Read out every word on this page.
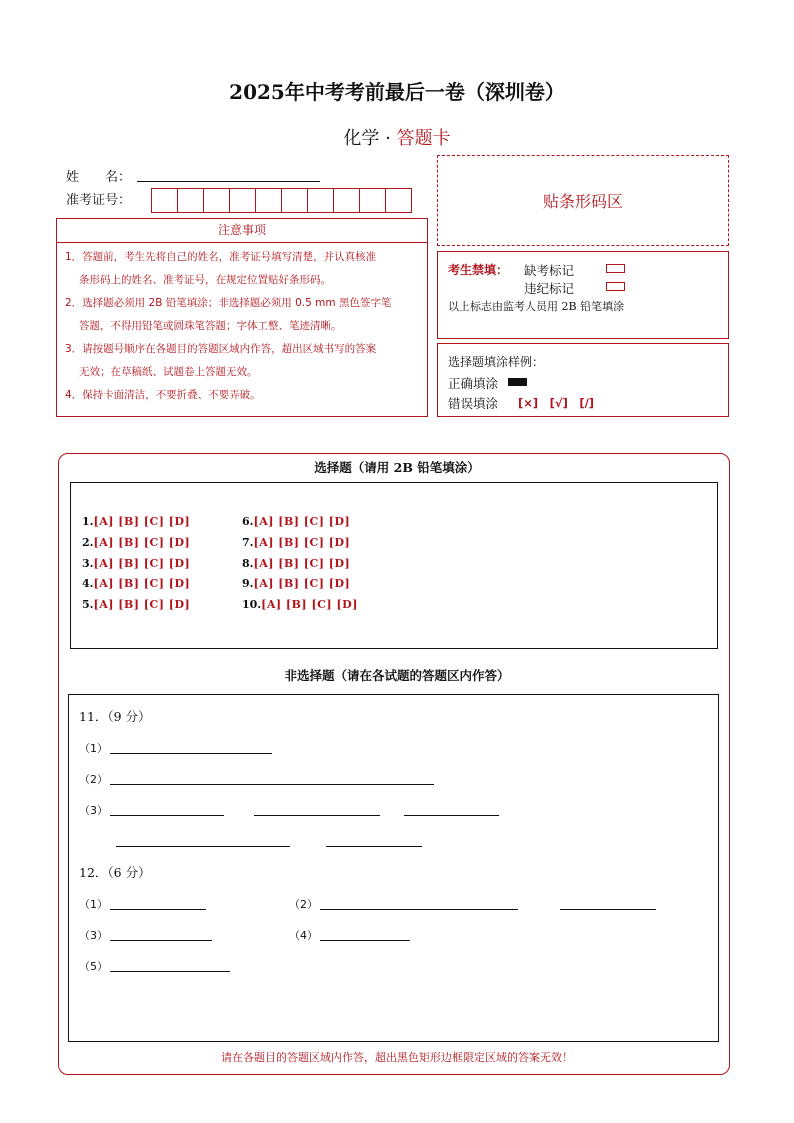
2025年中考考前最后一卷（深圳卷）
化学 · 答题卡
姓　　名：
准考证号：	贴条形码区
注意事项
1．答题前，考生先将自己的姓名，准考证号填写清楚，并认真核准
条形码上的姓名、准考证号，在规定位置贴好条形码。
2．选择题必须用 2B 铅笔填涂；非选择题必须用 0.5 mm 黑色签字笔
答题，不得用铅笔或圆珠笔答题；字体工整、笔迹清晰。
3．请按题号顺序在各题目的答题区域内作答，超出区域书写的答案
无效；在草稿纸、试题卷上答题无效。
4．保持卡面清洁，不要折叠、不要弄破。
考生禁填： 缺考标记
违纪标记
以上标志由监考人员用 2B 铅笔填涂
选择题填涂样例：
正确填涂
错误填涂 [×]　[√]　[/]
选择题（请用 2B 铅笔填涂）
1.[A] [B] [C] [D]
2.[A] [B] [C] [D]
3.[A] [B] [C] [D]
4.[A] [B] [C] [D]
5.[A] [B] [C] [D]
6.[A] [B] [C] [D]
7.[A] [B] [C] [D]
8.[A] [B] [C] [D]
9.[A] [B] [C] [D]
10.[A] [B] [C] [D]
非选择题（请在各试题的答题区内作答）
11．（9 分）
（1）
（2）
（3）
12．（6 分）
（1）	（2）
（3）	（4）
（5）
请在各题目的答题区域内作答，超出黑色矩形边框限定区域的答案无效！
